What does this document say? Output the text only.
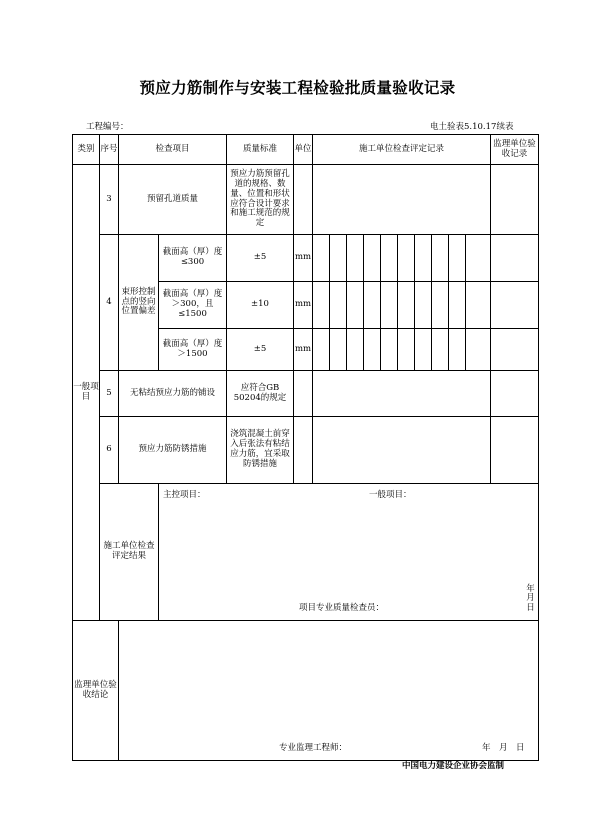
预应力筋制作与安装工程检验批质量验收记录
工程编号：	电土验表5.10.17续表
类别	序号	检查项目		质量标准	单位	施工单位检查评定记录										监理单位验收记录
一般项目	3	预留孔道质量		预应力筋预留孔道的规格、数量、位置和形状应符合设计要求和施工规范的规定												
	4	束形控制点的竖向位置偏差	截面高（厚）度≤300	±5	mm											
			截面高（厚）度＞300，且≤1500	±10	mm											
			截面高（厚）度＞1500	±5	mm											
	5	无粘结预应力筋的铺设		应符合GB 50204的规定												
	6	预应力筋防锈措施		浇筑混凝土前穿入后张法有粘结应力筋，宜采取防锈措施												
	施工单位检查评定结果		主控项目： 一般项目：
项目专业质量检查员：
年　月　日													

监理单位验收结论		专业监理工程师： 年　月　日														
中国电力建设企业协会监制
